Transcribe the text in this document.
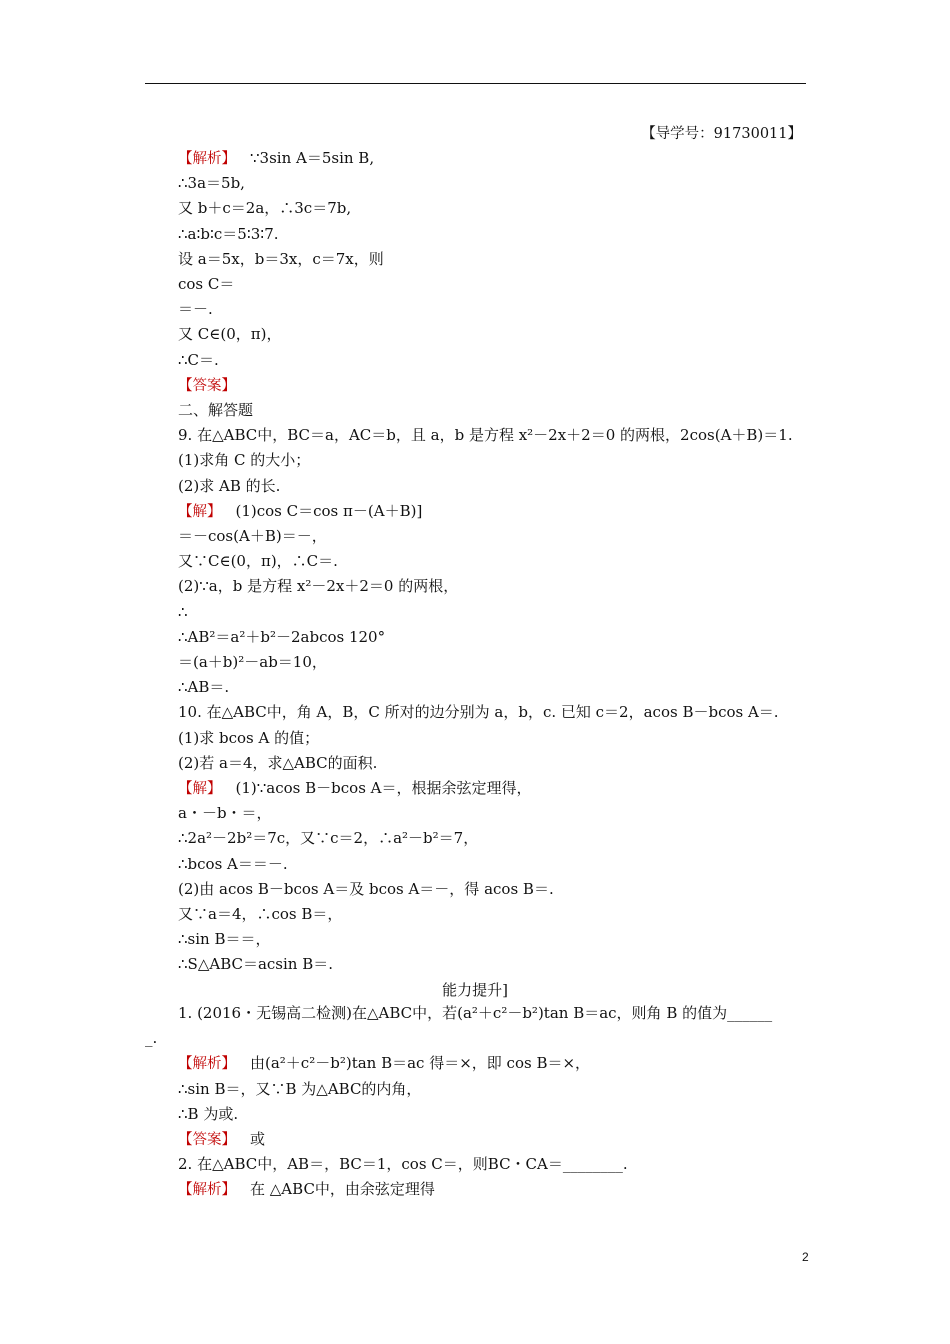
【导学号：91730011】
【解析】 ∵3sin A＝5sin B,
∴3a＝5b,
又 b＋c＝2a，∴3c＝7b,
∴a∶b∶c＝5∶3∶7.
设 a＝5x，b＝3x，c＝7x，则
cos C＝
＝－.
又 C∈(0，π)，
∴C＝.
【答案】
二、解答题
9. 在△ABC中，BC＝a，AC＝b，且 a，b 是方程 x²－2x＋2＝0 的两根，2cos(A＋B)＝1.
(1)求角 C 的大小；
(2)求 AB 的长.
【解】 (1)cos C＝cos π－(A＋B)]
＝－cos(A＋B)＝－，
又∵C∈(0，π)，∴C＝.
(2)∵a，b 是方程 x²－2x＋2＝0 的两根，
∴
∴AB²＝a²＋b²－2abcos 120°
＝(a＋b)²－ab＝10，
∴AB＝.
10. 在△ABC中，角 A，B，C 所对的边分别为 a，b，c. 已知 c＝2，acos B－bcos A＝.
(1)求 bcos A 的值；
(2)若 a＝4，求△ABC的面积.
【解】 (1)∵acos B－bcos A＝，根据余弦定理得，
a・－b・＝，
∴2a²－2b²＝7c，又∵c＝2，∴a²－b²＝7，
∴bcos A＝＝－.
(2)由 acos B－bcos A＝及 bcos A＝－，得 acos B＝.
又∵a＝4，∴cos B＝，
∴sin B＝＝，
∴S△ABC＝acsin B＝.
能力提升]
1. (2016・无锡高二检测)在△ABC中，若(a²＋c²－b²)tan B＝ac，则角 B 的值为______
_.
【解析】 由(a²＋c²－b²)tan B＝ac 得＝×，即 cos B＝×，
∴sin B＝，又∵B 为△ABC的内角，
∴B 为或.
【答案】 或
2. 在△ABC中，AB＝，BC＝1，cos C＝，则BC・CA＝________.
【解析】 在 △ABC中，由余弦定理得
2
